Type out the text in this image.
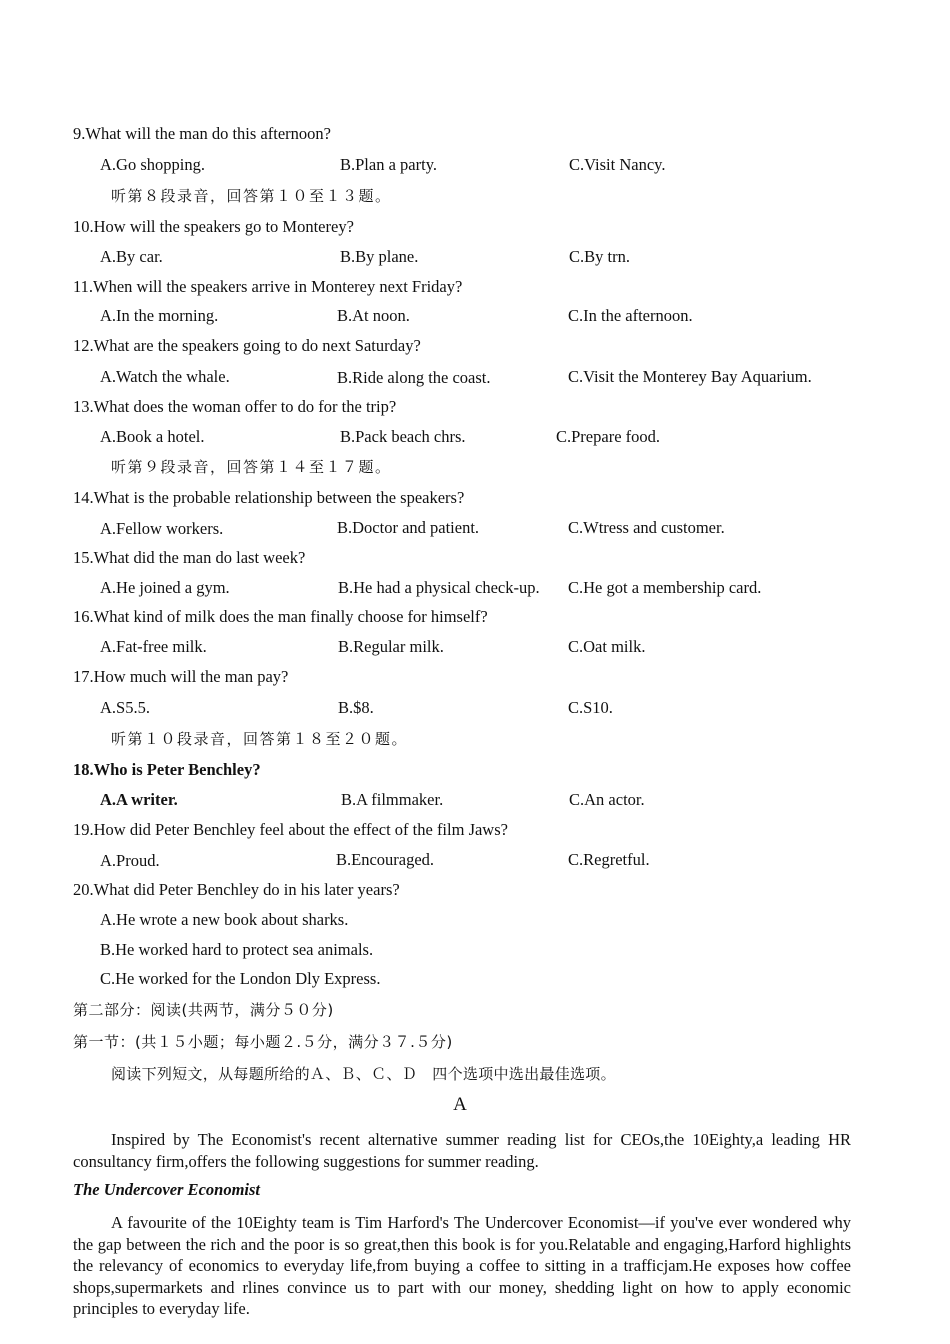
9.What will the man do this afternoon?
A.Go shopping.	B.Plan a party.	C.Visit Nancy.
听第８段录音，回答第１０至１３题。
10.How will the speakers go to Monterey?
A.By car.	B.By plane.	C.By trn.
11.When will the speakers arrive in Monterey next Friday?
A.In the morning.	B.At noon.	C.In the afternoon.
12.What are the speakers going to do next Saturday?
A.Watch the whale.	B.Ride along the coast.	C.Visit the Monterey Bay Aquarium.
13.What does the woman offer to do for the trip?
A.Book a hotel.	B.Pack beach chrs.	C.Prepare food.
听第９段录音，回答第１４至１７题。
14.What is the probable relationship between the speakers?
A.Fellow workers.	B.Doctor and patient.	C.Wtress and customer.
15.What did the man do last week?
A.He joined a gym.	B.He had a physical check-up. C.He got a membership card.
16.What kind of milk does the man finally choose for himself?
A.Fat-free milk.	B.Regular milk.	C.Oat milk.
17.How much will the man pay?
A.S5.5.	B.$8.	C.S10.
听第１０段录音，回答第１８至２０题。
18.Who is Peter Benchley?
A.A writer.	B.A filmmaker.	C.An actor.
19.How did Peter Benchley feel about the effect of the film Jaws?
A.Proud.	B.Encouraged.	C.Regretful.
20.What did Peter Benchley do in his later years?
A.He wrote a new book about sharks.
B.He worked hard to protect sea animals.
C.He worked for the London Dly Express.
第二部分：阅读(共两节，满分５０分)
第一节：(共１５小题；每小题２.５分，满分３７.５分)
阅读下列短文，从每题所给的Ａ、Ｂ、Ｃ、Ｄ　四个选项中选出最佳选项。
A
Inspired by The Economist's recent alternative summer reading list for CEOs,the 10Eighty,a leading HR consultancy firm,offers the following suggestions for summer reading.
The Undercover Economist
A favourite of the 10Eighty team is Tim Harford's The Undercover Economist—if you've ever wondered why the gap between the rich and the poor is so great,then this book is for you.Relatable and engaging,Harford highlights the relevancy of economics to everyday life,from buying a coffee to sitting in a trafficjam.He exposes how coffee shops,supermarkets and rlines convince us to part with our money, shedding light on how to apply economic principles to everyday life.
